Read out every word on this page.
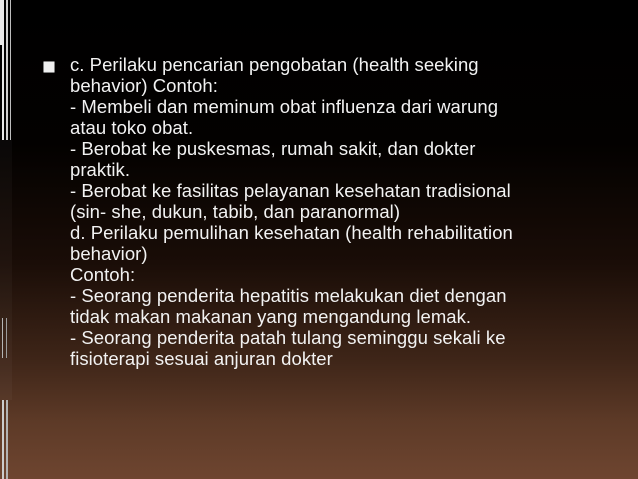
c. Perilaku pencarian pengobatan (health seeking
behavior) Contoh:
- Membeli dan meminum obat influenza dari warung
atau toko obat.
- Berobat ke puskesmas, rumah sakit, dan dokter
praktik.
- Berobat ke fasilitas pelayanan kesehatan tradisional
(sin- she, dukun, tabib, dan paranormal)
d. Perilaku pemulihan kesehatan (health rehabilitation
behavior)
Contoh:
- Seorang penderita hepatitis melakukan diet dengan
tidak makan makanan yang mengandung lemak.
- Seorang penderita patah tulang seminggu sekali ke
fisioterapi sesuai anjuran dokter
